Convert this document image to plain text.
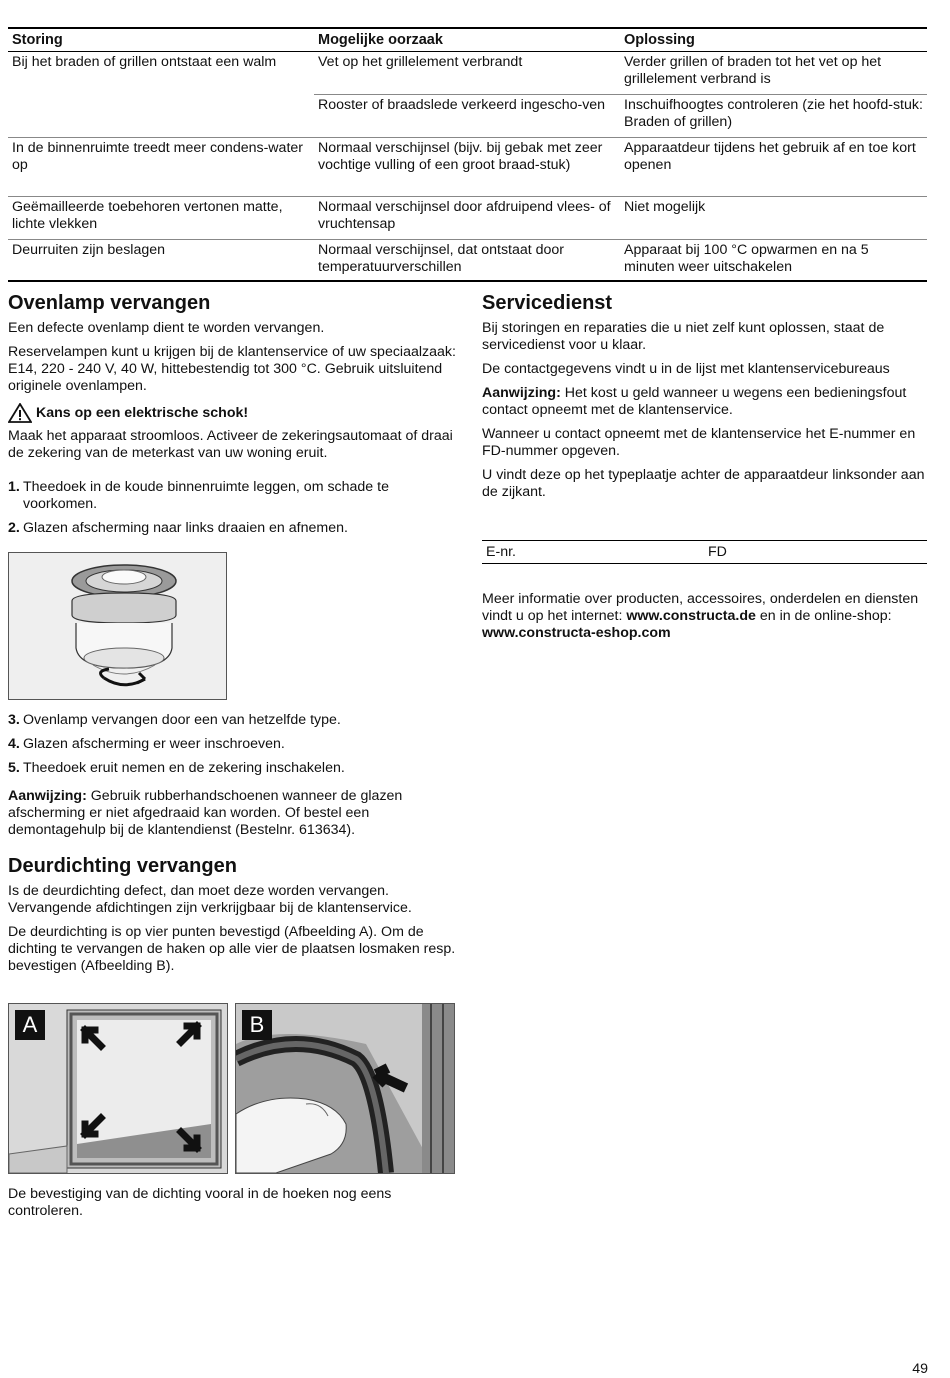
Storing	Mogelijke oorzaak	Oplossing
Bij het braden of grillen ontstaat een walm	Vet op het grillelement verbrandt	Verder grillen of braden tot het vet op het grillelement verbrand is
	Rooster of braadslede verkeerd ingescho-ven	Inschuifhoogtes controleren (zie het hoofd-stuk: Braden of grillen)
In de binnenruimte treedt meer condens-water op	Normaal verschijnsel (bijv. bij gebak met zeer vochtige vulling of een groot braad-stuk)	Apparaatdeur tijdens het gebruik af en toe kort openen
Geëmailleerde toebehoren vertonen matte, lichte vlekken	Normaal verschijnsel door afdruipend vlees- of vruchtensap	Niet mogelijk
Deurruiten zijn beslagen	Normaal verschijnsel, dat ontstaat door temperatuurverschillen	Apparaat bij 100 °C opwarmen en na 5 minuten weer uitschakelen
Ovenlamp vervangen

Een defecte ovenlamp dient te worden vervangen.

Reservelampen kunt u krijgen bij de klantenservice of uw speciaalzaak: E14, 220 - 240 V, 40 W, hittebestendig tot 300 °C. Gebruik uitsluitend originele ovenlampen.

Kans op een elektrische schok!

Maak het apparaat stroomloos. Activeer de zekeringsautomaat of draai de zekering van de meterkast van uw woning eruit.

1. Theedoek in de koude binnenruimte leggen, om schade te voorkomen.
2. Glazen afscherming naar links draaien en afnemen.
3. Ovenlamp vervangen door een van hetzelfde type.
4. Glazen afscherming er weer inschroeven.
5. Theedoek eruit nemen en de zekering inschakelen.

Aanwijzing: Gebruik rubberhandschoenen wanneer de glazen afscherming er niet afgedraaid kan worden. Of bestel een demontagehulp bij de klantendienst (Bestelnr. 613634).

Deurdichting vervangen

Is de deurdichting defect, dan moet deze worden vervangen. Vervangende afdichtingen zijn verkrijgbaar bij de klantenservice.

De deurdichting is op vier punten bevestigd (Afbeelding A). Om de dichting te vervangen de haken op alle vier de plaatsen losmaken resp. bevestigen (Afbeelding B).

A	B

De bevestiging van de dichting vooral in de hoeken nog eens controleren.

Servicedienst

Bij storingen en reparaties die u niet zelf kunt oplossen, staat de servicedienst voor u klaar.

De contactgegevens vindt u in de lijst met klantenservicebureaus

Aanwijzing: Het kost u geld wanneer u wegens een bedieningsfout contact opneemt met de klantenservice.

Wanneer u contact opneemt met de klantenservice het E-nummer en FD-nummer opgeven.

U vindt deze op het typeplaatje achter de apparaatdeur linksonder aan de zijkant.

E-nr.	FD

Meer informatie over producten, accessoires, onderdelen en diensten vindt u op het internet: www.constructa.de en in de online-shop: www.constructa-eshop.com

49
